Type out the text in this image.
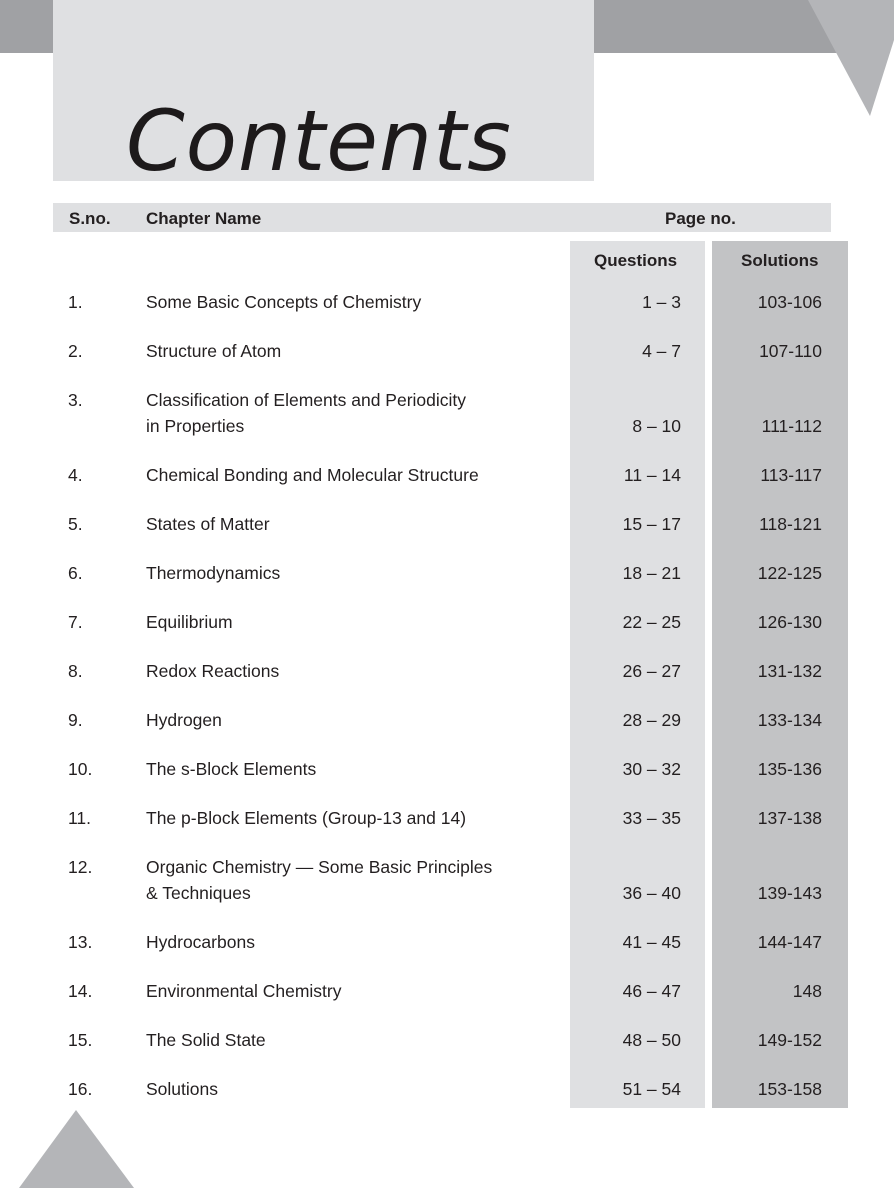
Contents
S.no. Chapter Name	Page no.
Questions	Solutions
1.	Some Basic Concepts of Chemistry	1 – 3	103-106
2.	Structure of Atom	4 – 7	107-110
3.	Classification of Elements and Periodicity
in Properties	8 – 10	111-112
4.	Chemical Bonding and Molecular Structure	11 – 14	113-117
5.	States of Matter	15 – 17	118-121
6.	Thermodynamics	18 – 21	122-125
7.	Equilibrium	22 – 25	126-130
8.	Redox Reactions	26 – 27	131-132
9.	Hydrogen	28 – 29	133-134
10.	The s-Block Elements	30 – 32	135-136
11.	The p-Block Elements (Group-13 and 14)	33 – 35	137-138
12.	Organic Chemistry — Some Basic Principles
& Techniques	36 – 40	139-143
13.	Hydrocarbons	41 – 45	144-147
14.	Environmental Chemistry	46 – 47	148
15.	The Solid State	48 – 50	149-152
16.	Solutions	51 – 54	153-158
